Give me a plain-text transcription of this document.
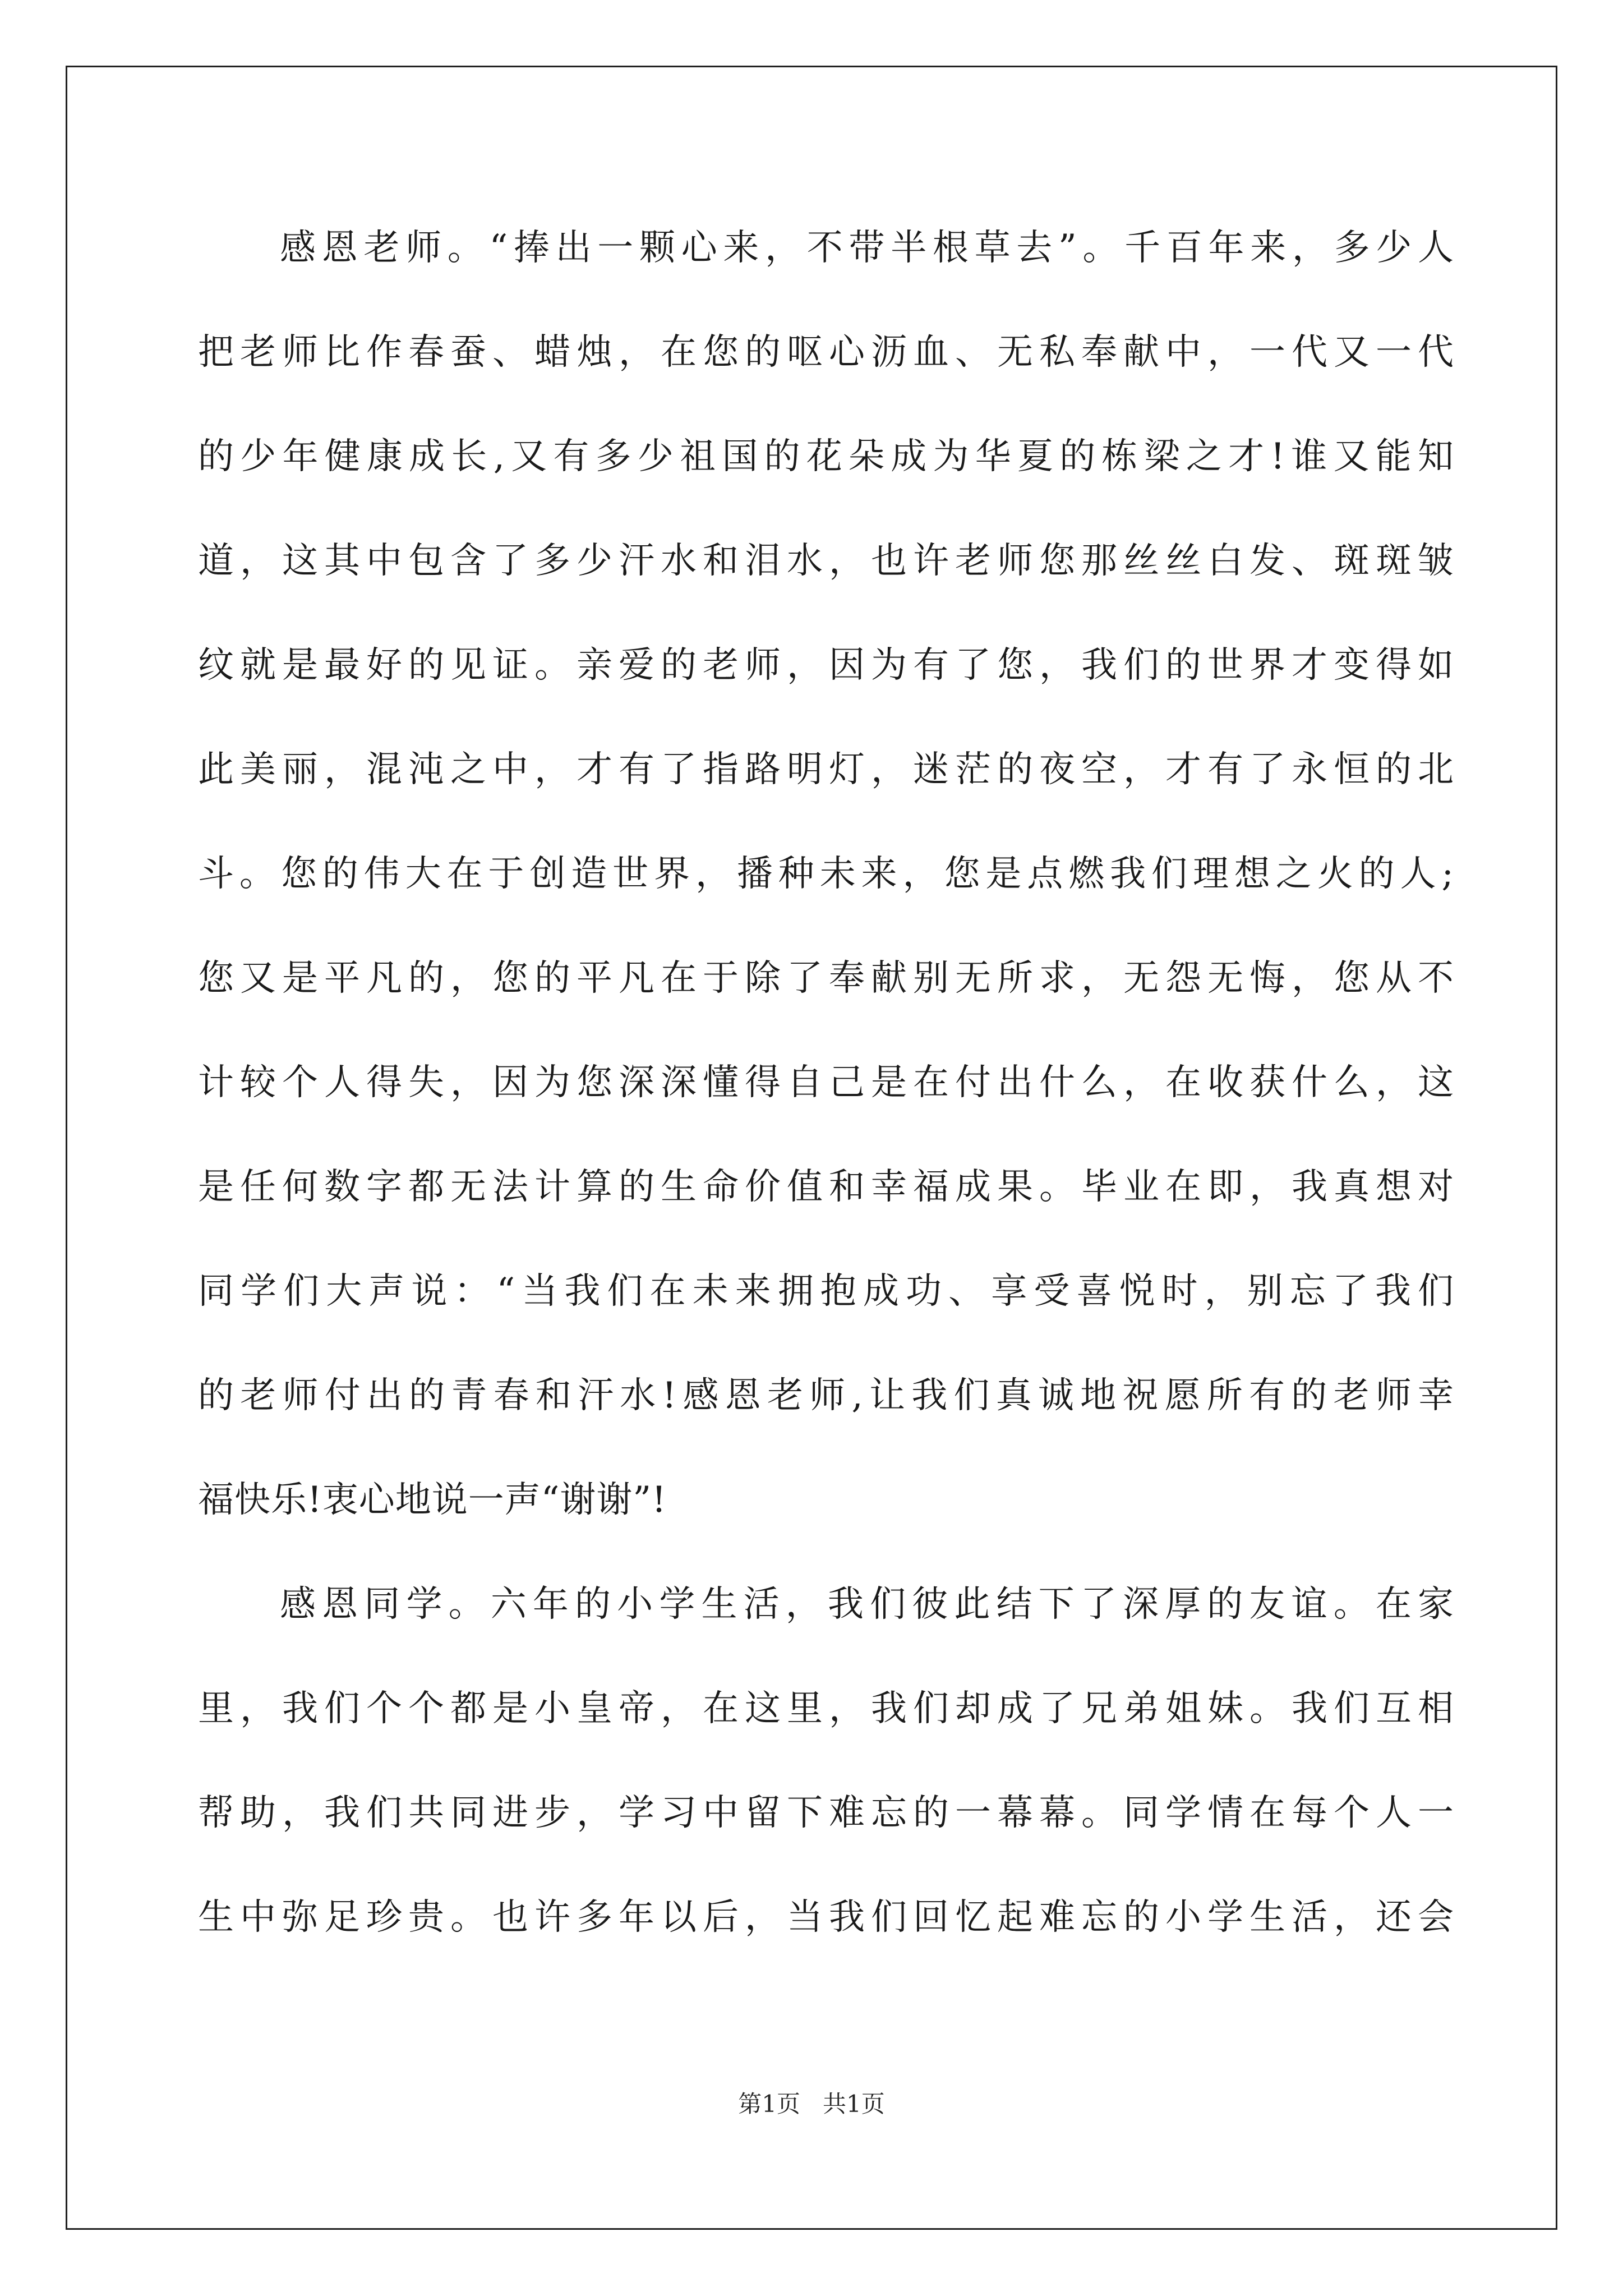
感恩老师。“捧出一颗心来，不带半根草去”。千百年来，多少人
把老师比作春蚕、蜡烛，在您的呕心沥血、无私奉献中，一代又一代
的少年健康成长,又有多少祖国的花朵成为华夏的栋梁之才!谁又能知
道，这其中包含了多少汗水和泪水，也许老师您那丝丝白发、斑斑皱
纹就是最好的见证。亲爱的老师，因为有了您，我们的世界才变得如
此美丽，混沌之中，才有了指路明灯，迷茫的夜空，才有了永恒的北
斗。您的伟大在于创造世界，播种未来，您是点燃我们理想之火的人;
您又是平凡的，您的平凡在于除了奉献别无所求，无怨无悔，您从不
计较个人得失，因为您深深懂得自己是在付出什么，在收获什么，这
是任何数字都无法计算的生命价值和幸福成果。毕业在即，我真想对
同学们大声说：“当我们在未来拥抱成功、享受喜悦时，别忘了我们
的老师付出的青春和汗水!感恩老师,让我们真诚地祝愿所有的老师幸
福快乐!衷心地说一声“谢谢”!
感恩同学。六年的小学生活，我们彼此结下了深厚的友谊。在家
里，我们个个都是小皇帝，在这里，我们却成了兄弟姐妹。我们互相
帮助，我们共同进步，学习中留下难忘的一幕幕。同学情在每个人一
生中弥足珍贵。也许多年以后，当我们回忆起难忘的小学生活，还会
第1页   共1页
